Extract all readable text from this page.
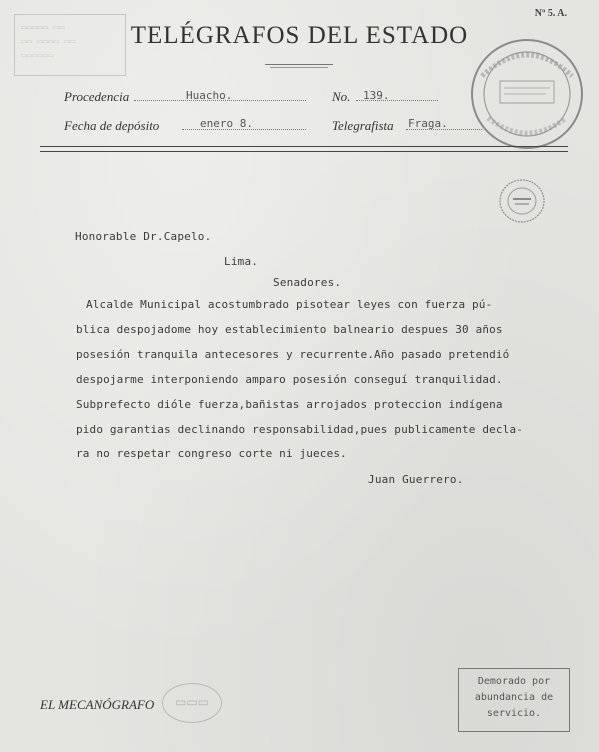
Nº 5. A.
▭▭▭▭▭ ▭▭
▭▭ ▭▭▭▭ ▭▭
▭▭▭▭▭▭
TELÉGRAFOS DEL ESTADO
Procedencia	Huacho.	No. 139.
Fecha de depósito	enero 8.	Telegrafista Fraga.
Honorable Dr.Capelo.
Lima.
Senadores.
Alcalde Municipal acostumbrado pisotear leyes con fuerza pú-
blica despojadome hoy establecimiento balneario despues 30 años
posesión tranquila antecesores y recurrente.Año pasado pretendió
despojarme interponiendo amparo posesión conseguí tranquilidad.
Subprefecto dióle fuerza,bañistas arrojados proteccion indígena
pido garantias declinando responsabilidad,pues publicamente decla-
ra no respetar congreso corte ni jueces.
Juan Guerrero.
EL MECANÓGRAFO	▭▭▭
Demorado por
abundancia de
servicio.
